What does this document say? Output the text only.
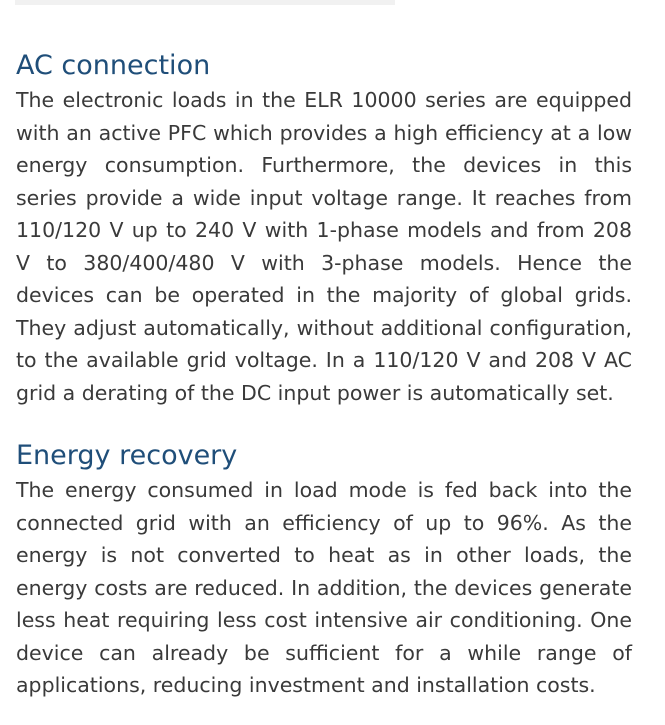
AC connection

The electronic loads in the ELR 10000 series are equipped with an active PFC which provides a high efficiency at a low energy consumption. Furthermore, the devices in this series provide a wide input voltage range. It reaches from 110/120 V up to 240 V with 1-phase models and from 208 V to 380/400/480 V with 3-phase models. Hence the devices can be operated in the majority of global grids. They adjust automatically, without additional configuration, to the available grid voltage. In a 110/120 V and 208 V AC grid a derating of the DC input power is automatically set.

Energy recovery

The energy consumed in load mode is fed back into the connected grid with an efficiency of up to 96%. As the energy is not converted to heat as in other loads, the energy costs are reduced. In addition, the devices generate less heat requiring less cost intensive air conditioning. One device can already be sufficient for a while range of applications, reducing investment and installation costs.
